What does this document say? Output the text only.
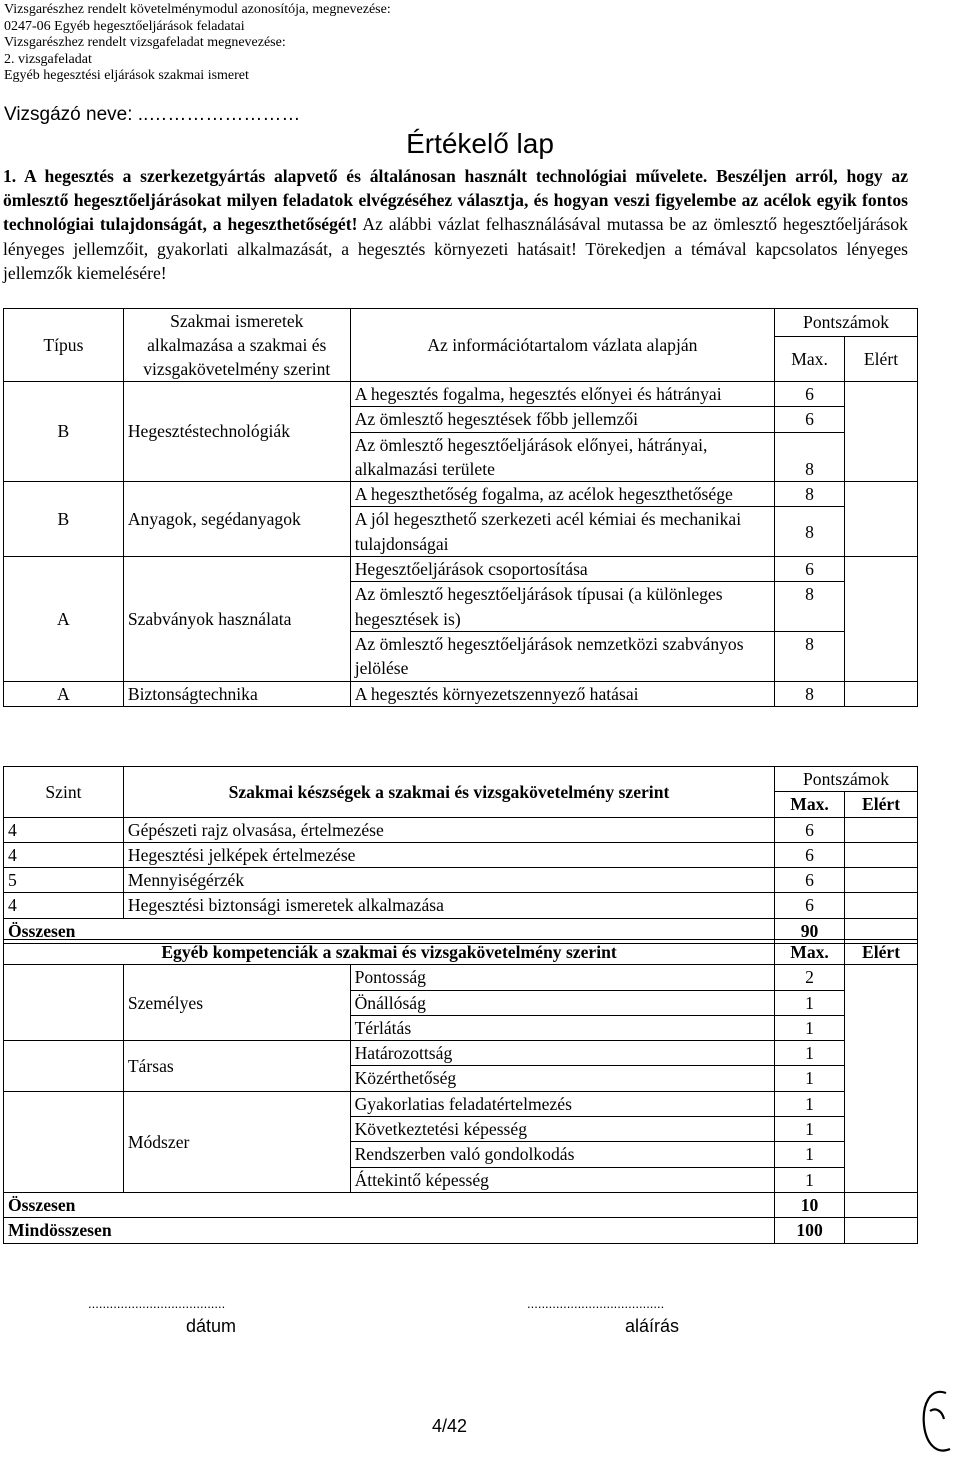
Vizsgarészhez rendelt követelménymodul azonosítója, megnevezése:
0247-06 Egyéb hegesztőeljárások feladatai
Vizsgarészhez rendelt vizsgafeladat megnevezése:
2. vizsgafeladat
Egyéb hegesztési eljárások szakmai ismeret
Vizsgázó neve: ..……………………
Értékelő lap
1. A hegesztés a szerkezetgyártás alapvető és általánosan használt technológiai művelete. Beszéljen arról, hogy az ömlesztő hegesztőeljárásokat milyen feladatok elvégzéséhez választja, és hogyan veszi figyelembe az acélok egyik fontos technológiai tulajdonságát, a hegeszthetőségét! Az alábbi vázlat felhasználásával mutassa be az ömlesztő hegesztőeljárások lényeges jellemzőit, gyakorlati alkalmazását, a hegesztés környezeti hatásait! Törekedjen a témával kapcsolatos lényeges jellemzők kiemelésére!
Típus	Szakmai ismeretek alkalmazása a szakmai és vizsgakövetelmény szerint	Az információtartalom vázlata alapján	Pontszámok	
			Max.	Elért
B	Hegesztéstechnológiák	A hegesztés fogalma, hegesztés előnyei és hátrányai	6	
		Az ömlesztő hegesztések főbb jellemzői	6	
		Az ömlesztő hegesztőeljárások előnyei, hátrányai, alkalmazási területe	8	
B	Anyagok, segédanyagok	A hegeszthetőség fogalma, az acélok hegeszthetősége	8	
		A jól hegeszthető szerkezeti acél kémiai és mechanikai tulajdonságai	8	
A	Szabványok használata	Hegesztőeljárások csoportosítása	6	
		Az ömlesztő hegesztőeljárások típusai (a különleges hegesztések is)	8	
		Az ömlesztő hegesztőeljárások nemzetközi szabványos jelölése	8	
A	Biztonságtechnika	A hegesztés környezetszennyező hatásai	8	
Szint	Szakmai készségek a szakmai és vizsgakövetelmény szerint	Pontszámok	
		Max.	Elért
4	Gépészeti rajz olvasása, értelmezése	6	
4	Hegesztési jelképek értelmezése	6	
5	Mennyiségérzék	6	
4	Hegesztési biztonsági ismeretek alkalmazása	6	
Összesen		90	
Egyéb kompetenciák a szakmai és vizsgakövetelmény szerint			Max.	Elért
	Személyes	Pontosság	2	
		Önállóság	1	
		Térlátás	1	
	Társas	Határozottság	1	
		Közérthetőség	1	
	Módszer	Gyakorlatias feladatértelmezés	1	
		Következtetési képesség	1	
		Rendszerben való gondolkodás	1	
		Áttekintő képesség	1	
Összesen			10	
Mindösszesen			100	
......................................	......................................
dátum	aláírás
4/42
